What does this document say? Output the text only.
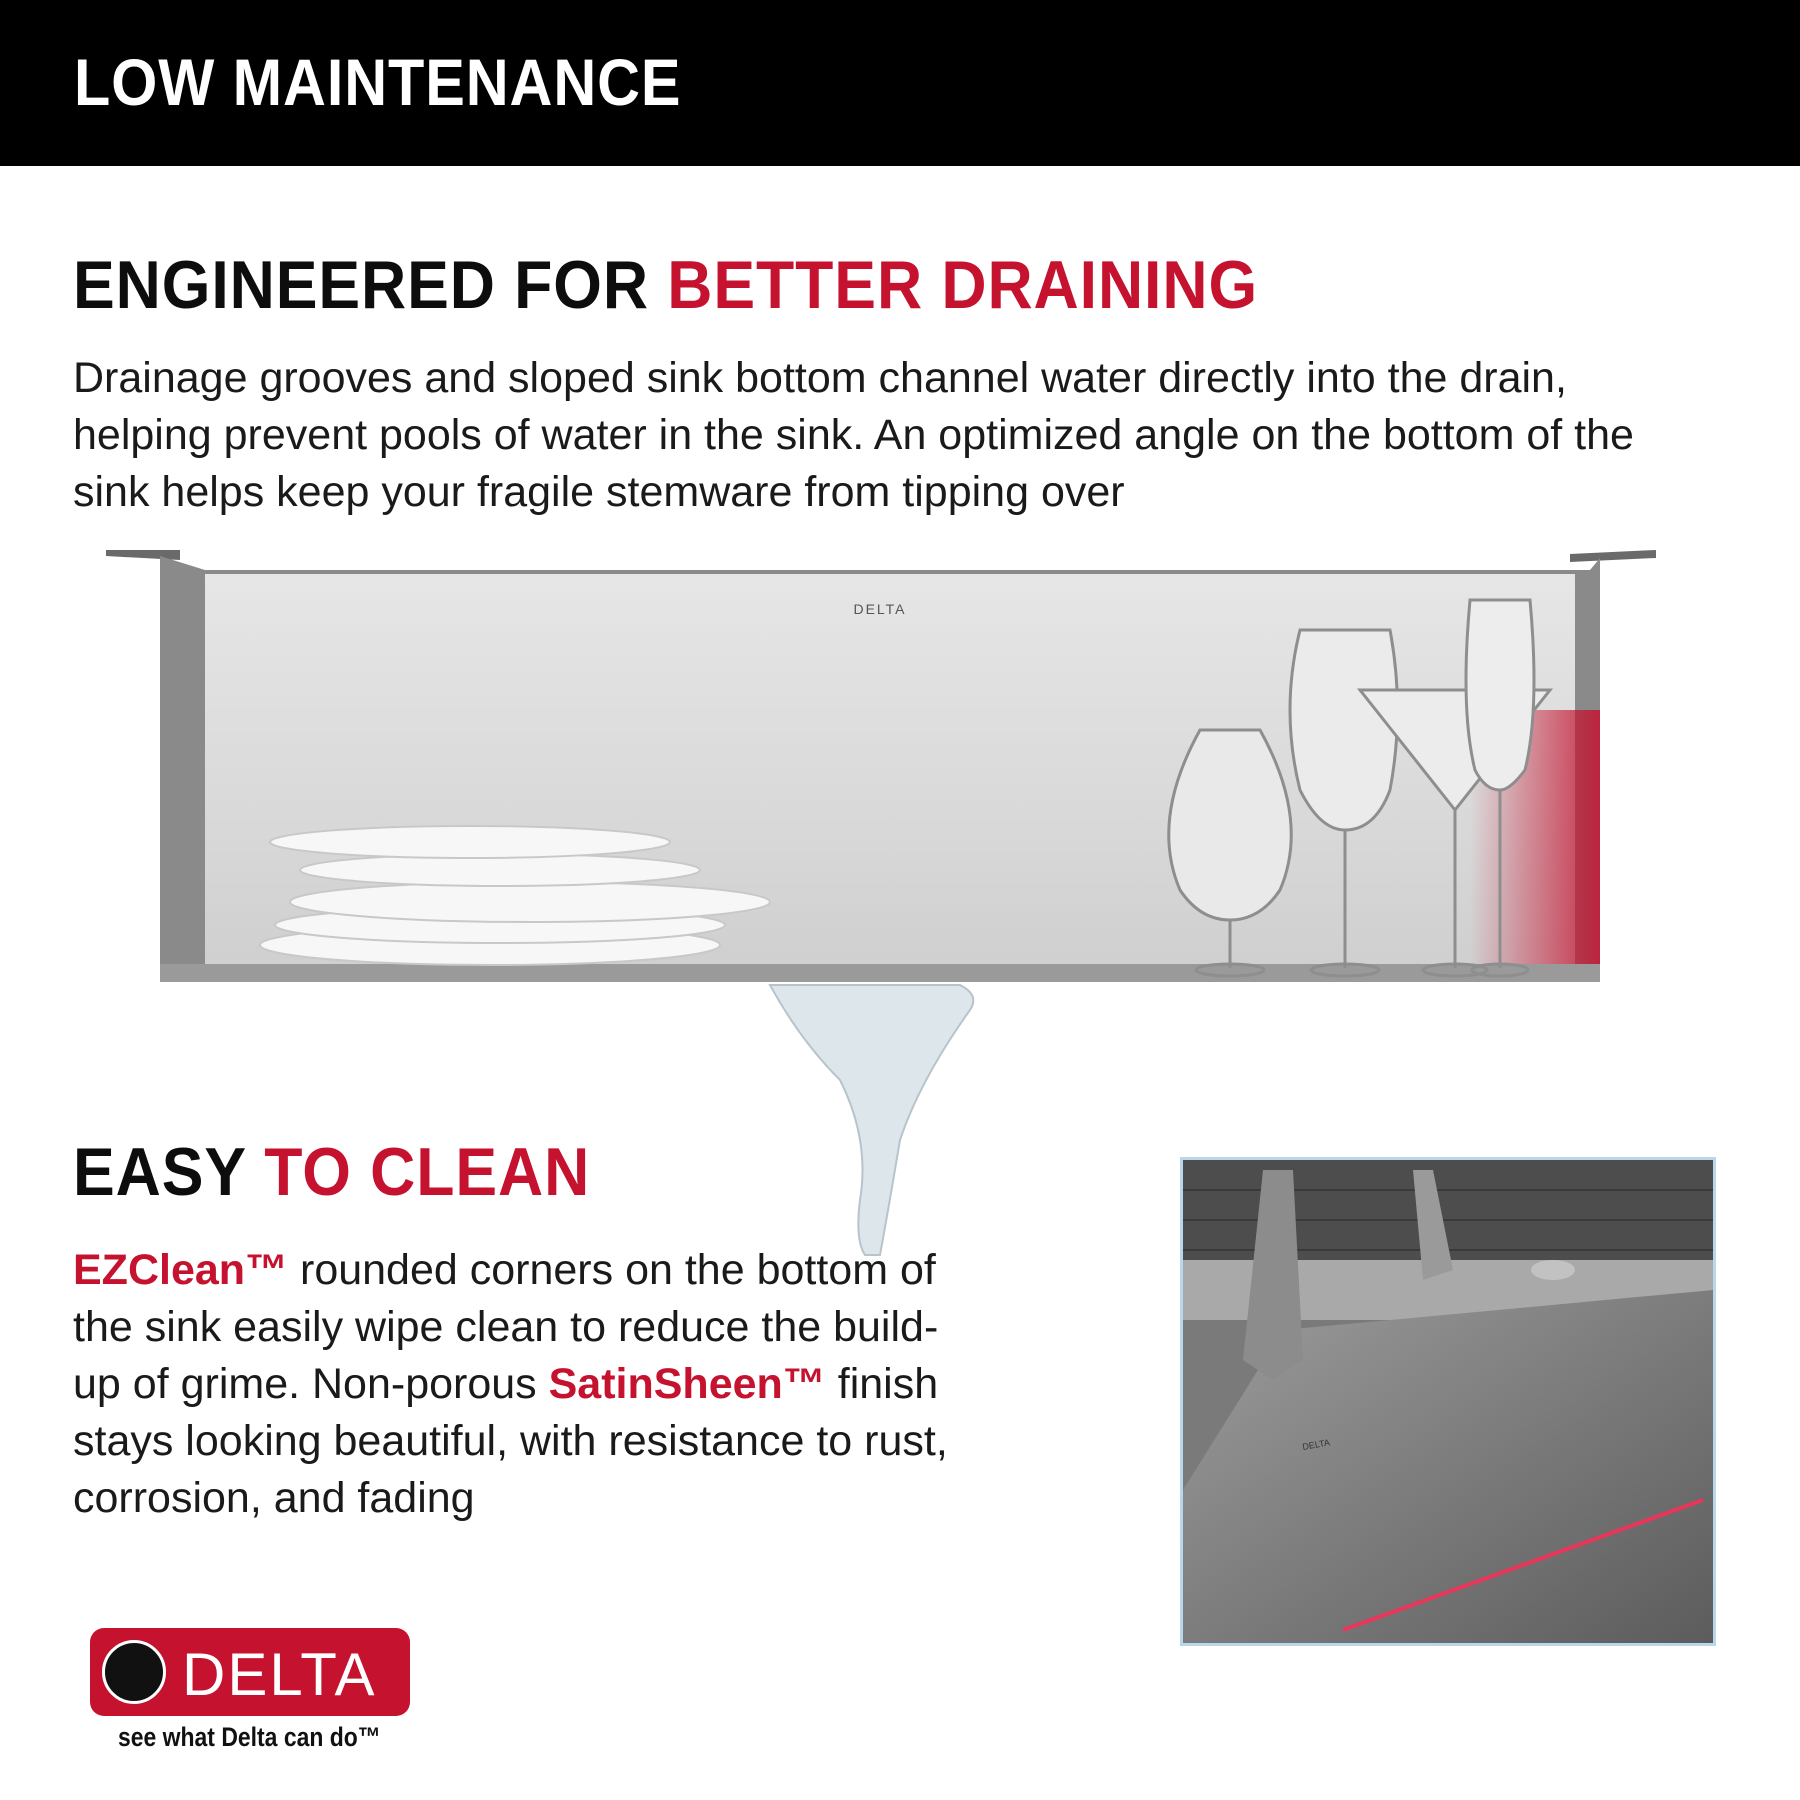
LOW MAINTENANCE
ENGINEERED FOR BETTER DRAINING
Drainage grooves and sloped sink bottom channel water directly into the drain, helping prevent pools of water in the sink. An optimized angle on the bottom of the sink helps keep your fragile stemware from tipping over
DELTA
EASY TO CLEAN
EZClean™ rounded corners on the bottom of the sink easily wipe clean to reduce the build-up of grime. Non-porous SatinSheen™ finish stays looking beautiful, with resistance to rust, corrosion, and fading
DELTA
DELTA
see what Delta can do™
